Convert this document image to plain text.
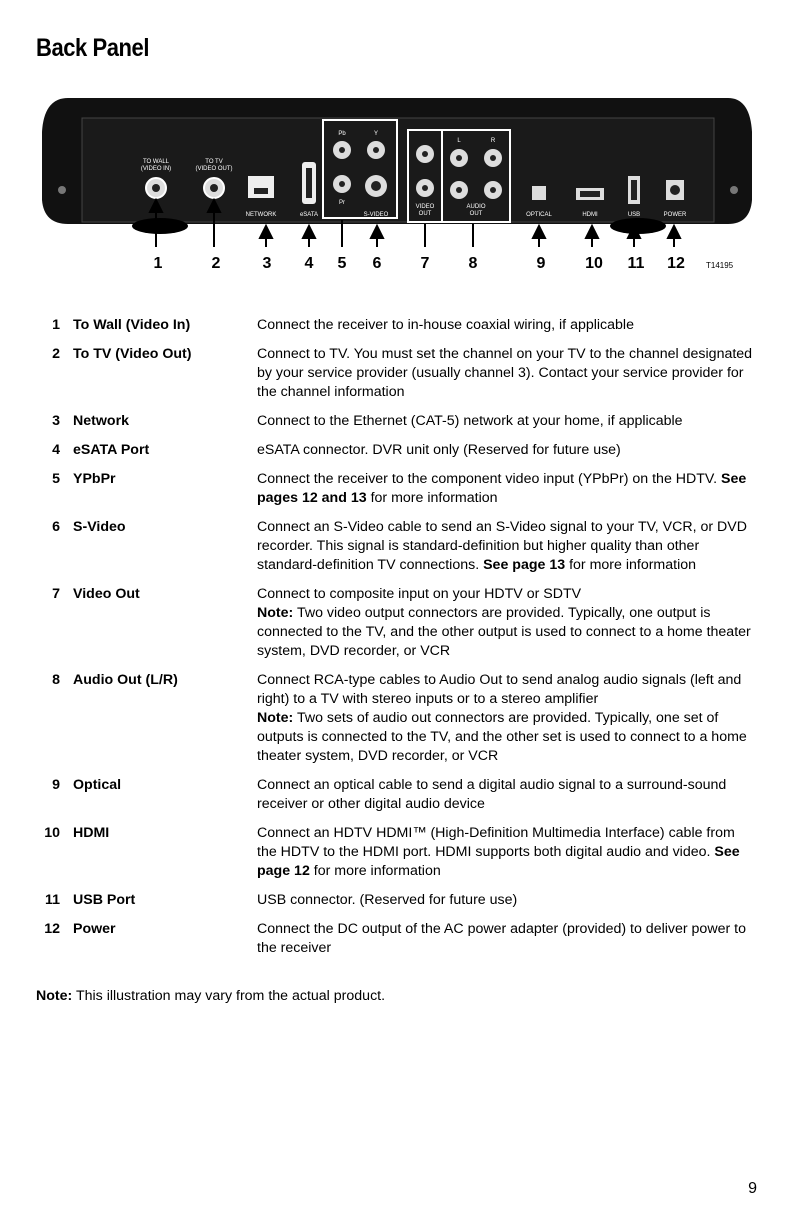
Back Panel
TO WALL
(VIDEO IN)
TO TV
(VIDEO OUT)
NETWORK	eSATA
Pb	Y
Pr
S-VIDEO
VIDEO
OUT
L	R
AUDIO
OUT	OPTICAL	HDMI	USB	POWER
1	2	3 4 5 6 7 8	9 10 11 12	T14195
1 To Wall (Video In)	Connect the receiver to in-house coaxial wiring, if applicable
2 To TV (Video Out)	Connect to TV. You must set the channel on your TV to the channel designated by your service provider (usually channel 3). Contact your service provider for the channel information
3 Network	Connect to the Ethernet (CAT-5) network at your home, if applicable
4 eSATA Port	eSATA connector. DVR unit only (Reserved for future use)
5 YPbPr	Connect the receiver to the component video input (YPbPr) on the HDTV. See pages 12 and 13 for more information
6 S-Video	Connect an S-Video cable to send an S-Video signal to your TV, VCR, or DVD recorder. This signal is standard-definition but higher quality than other standard-definition TV connections. See page 13 for more information
7 Video Out	Connect to composite input on your HDTV or SDTV
Note: Two video output connectors are provided. Typically, one output is connected to the TV, and the other output is used to connect to a home theater system, DVD recorder, or VCR
8 Audio Out (L/R)	Connect RCA-type cables to Audio Out to send analog audio signals (left and right) to a TV with stereo inputs or to a stereo amplifier
Note: Two sets of audio out connectors are provided. Typically, one set of outputs is connected to the TV, and the other set is used to connect to a home theater system, DVD recorder, or VCR
9 Optical	Connect an optical cable to send a digital audio signal to a surround-sound receiver or other digital audio device
10 HDMI	Connect an HDTV HDMI™ (High-Definition Multimedia Interface) cable from the HDTV to the HDMI port. HDMI supports both digital audio and video. See page 12 for more information
11 USB Port	USB connector. (Reserved for future use)
12 Power	Connect the DC output of the AC power adapter (provided) to deliver power to the receiver
Note: This illustration may vary from the actual product.
9
